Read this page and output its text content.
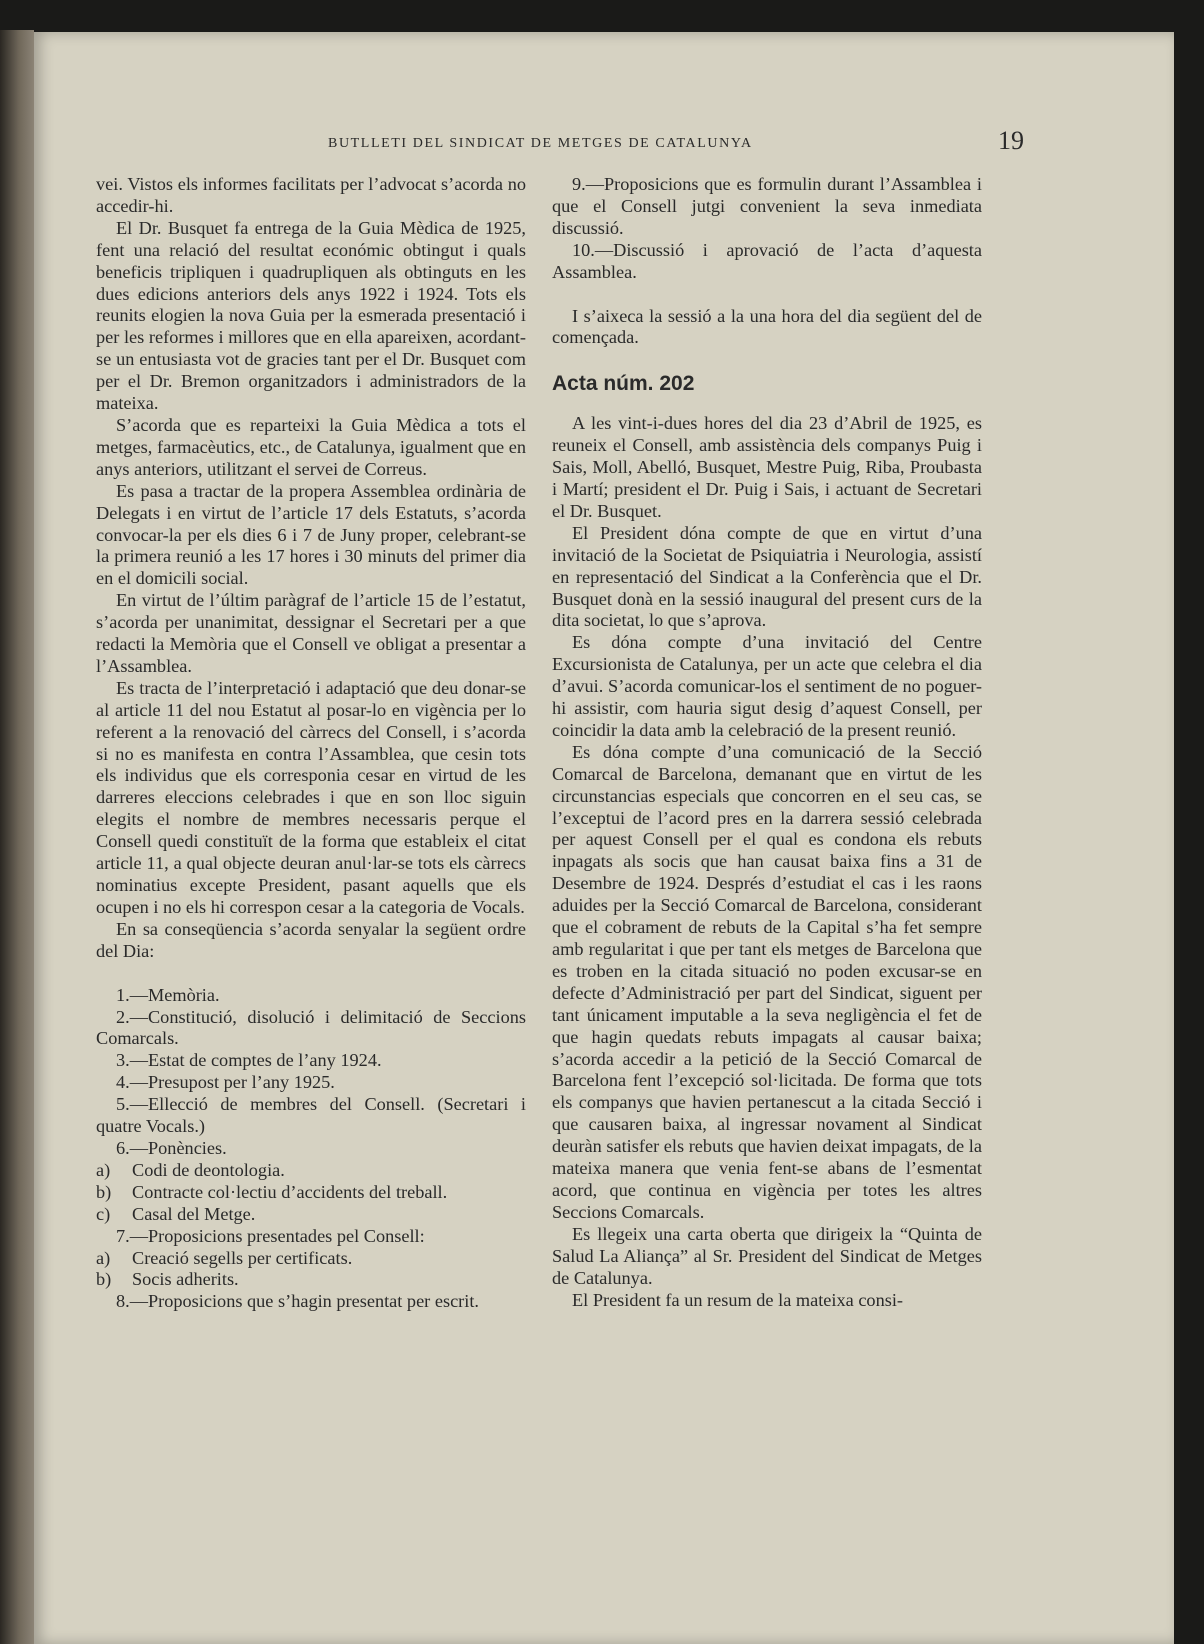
BUTLLETI DEL SINDICAT DE METGES DE CATALUNYA	19

vei. Vistos els informes facilitats per l’advocat s’acorda no accedir-hi.

El Dr. Busquet fa entrega de la Guia Mèdica de 1925, fent una relació del resultat económic obtingut i quals beneficis tripliquen i quadrupliquen als obtinguts en les dues edicions anteriors dels anys 1922 i 1924. Tots els reunits elogien la nova Guia per la esmerada presentació i per les reformes i millores que en ella apareixen, acordant-se un entusiasta vot de gracies tant per el Dr. Busquet com per el Dr. Bremon organitzadors i administradors de la mateixa.

S’acorda que es reparteixi la Guia Mèdica a tots el metges, farmacèutics, etc., de Catalunya, igualment que en anys anteriors, utilitzant el servei de Correus.

Es pasa a tractar de la propera Assemblea ordinària de Delegats i en virtut de l’article 17 dels Estatuts, s’acorda convocar-la per els dies 6 i 7 de Juny proper, celebrant-se la primera reunió a les 17 hores i 30 minuts del primer dia en el domicili social.

En virtut de l’últim paràgraf de l’article 15 de l’estatut, s’acorda per unanimitat, dessignar el Secretari per a que redacti la Memòria que el Consell ve obligat a presentar a l’Assamblea.

Es tracta de l’interpretació i adaptació que deu donar-se al article 11 del nou Estatut al posar-lo en vigència per lo referent a la renovació del càrrecs del Consell, i s’acorda si no es manifesta en contra l’Assamblea, que cesin tots els individus que els corresponia cesar en virtud de les darreres eleccions celebrades i que en son lloc siguin elegits el nombre de membres necessaris perque el Consell quedi constituït de la forma que estableix el citat article 11, a qual objecte deuran anul·lar-se tots els càrrecs nominatius excepte President, pasant aquells que els ocupen i no els hi correspon cesar a la categoria de Vocals.

En sa conseqüencia s’acorda senyalar la següent ordre del Dia:

1.—Memòria.

2.—Constitució, disolució i delimitació de Seccions Comarcals.

3.—Estat de comptes de l’any 1924.

4.—Presupost per l’any 1925.

5.—Ellecció de membres del Consell. (Secretari i quatre Vocals.)

6.—Ponències.

a) Codi de deontologia.

b) Contracte col·lectiu d’accidents del treball.

c) Casal del Metge.

7.—Proposicions presentades pel Consell:

a) Creació segells per certificats.

b) Socis adherits.

8.—Proposicions que s’hagin presentat per escrit.

9.—Proposicions que es formulin durant l’Assamblea i que el Consell jutgi convenient la seva inmediata discussió.

10.—Discussió i aprovació de l’acta d’aquesta Assamblea.

I s’aixeca la sessió a la una hora del dia següent del de començada.

Acta núm. 202

A les vint-i-dues hores del dia 23 d’Abril de 1925, es reuneix el Consell, amb assistència dels companys Puig i Sais, Moll, Abelló, Busquet, Mestre Puig, Riba, Proubasta i Martí; president el Dr. Puig i Sais, i actuant de Secretari el Dr. Busquet.

El President dóna compte de que en virtut d’una invitació de la Societat de Psiquiatria i Neurologia, assistí en representació del Sindicat a la Conferència que el Dr. Busquet donà en la sessió inaugural del present curs de la dita societat, lo que s’aprova.

Es dóna compte d’una invitació del Centre Excursionista de Catalunya, per un acte que celebra el dia d’avui. S’acorda comunicar-los el sentiment de no poguer-hi assistir, com hauria sigut desig d’aquest Consell, per coincidir la data amb la celebració de la present reunió.

Es dóna compte d’una comunicació de la Secció Comarcal de Barcelona, demanant que en virtut de les circunstancias especials que concorren en el seu cas, se l’exceptui de l’acord pres en la darrera sessió celebrada per aquest Consell per el qual es condona els rebuts inpagats als socis que han causat baixa fins a 31 de Desembre de 1924. Després d’estudiat el cas i les raons aduides per la Secció Comarcal de Barcelona, considerant que el cobrament de rebuts de la Capital s’ha fet sempre amb regularitat i que per tant els metges de Barcelona que es troben en la citada situació no poden excusar-se en defecte d’Administració per part del Sindicat, siguent per tant únicament imputable a la seva negligència el fet de que hagin quedats rebuts impagats al causar baixa; s’acorda accedir a la petició de la Secció Comarcal de Barcelona fent l’excepció sol·licitada. De forma que tots els companys que havien pertanescut a la citada Secció i que causaren baixa, al ingressar novament al Sindicat deuràn satisfer els rebuts que havien deixat impagats, de la mateixa manera que venia fent-se abans de l’esmentat acord, que continua en vigència per totes les altres Seccions Comarcals.

Es llegeix una carta oberta que dirigeix la “Quinta de Salud La Aliança” al Sr. President del Sindicat de Metges de Catalunya.

El President fa un resum de la mateixa consi-
